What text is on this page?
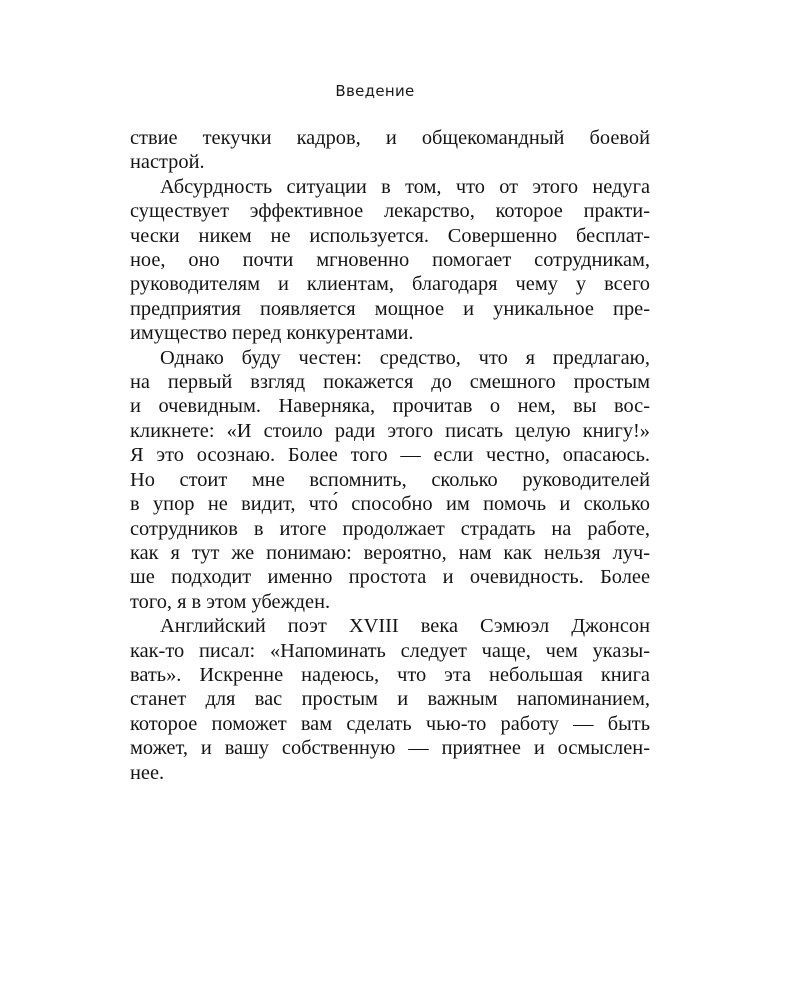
Введение
ствие текучки кадров, и общекомандный боевой
настрой.
Абсурдность ситуации в том, что от этого недуга
существует эффективное лекарство, которое практи-
чески никем не используется. Совершенно бесплат-
ное, оно почти мгновенно помогает сотрудникам,
руководителям и клиентам, благодаря чему у всего
предприятия появляется мощное и уникальное пре-
имущество перед конкурентами.
Однако буду честен: средство, что я предлагаю,
на первый взгляд покажется до смешного простым
и очевидным. Наверняка, прочитав о нем, вы вос-
кликнете: «И стоило ради этого писать целую книгу!»
Я это осознаю. Более того — если честно, опасаюсь.
Но стоит мне вспомнить, сколько руководителей
в упор не видит, что́ способно им помочь и сколько
сотрудников в итоге продолжает страдать на работе,
как я тут же понимаю: вероятно, нам как нельзя луч-
ше подходит именно простота и очевидность. Более
того, я в этом убежден.
Английский поэт XVIII века Сэмюэл Джонсон
как-то писал: «Напоминать следует чаще, чем указы-
вать». Искренне надеюсь, что эта небольшая книга
станет для вас простым и важным напоминанием,
которое поможет вам сделать чью-то работу — быть
может, и вашу собственную — приятнее и осмыслен-
нее.
